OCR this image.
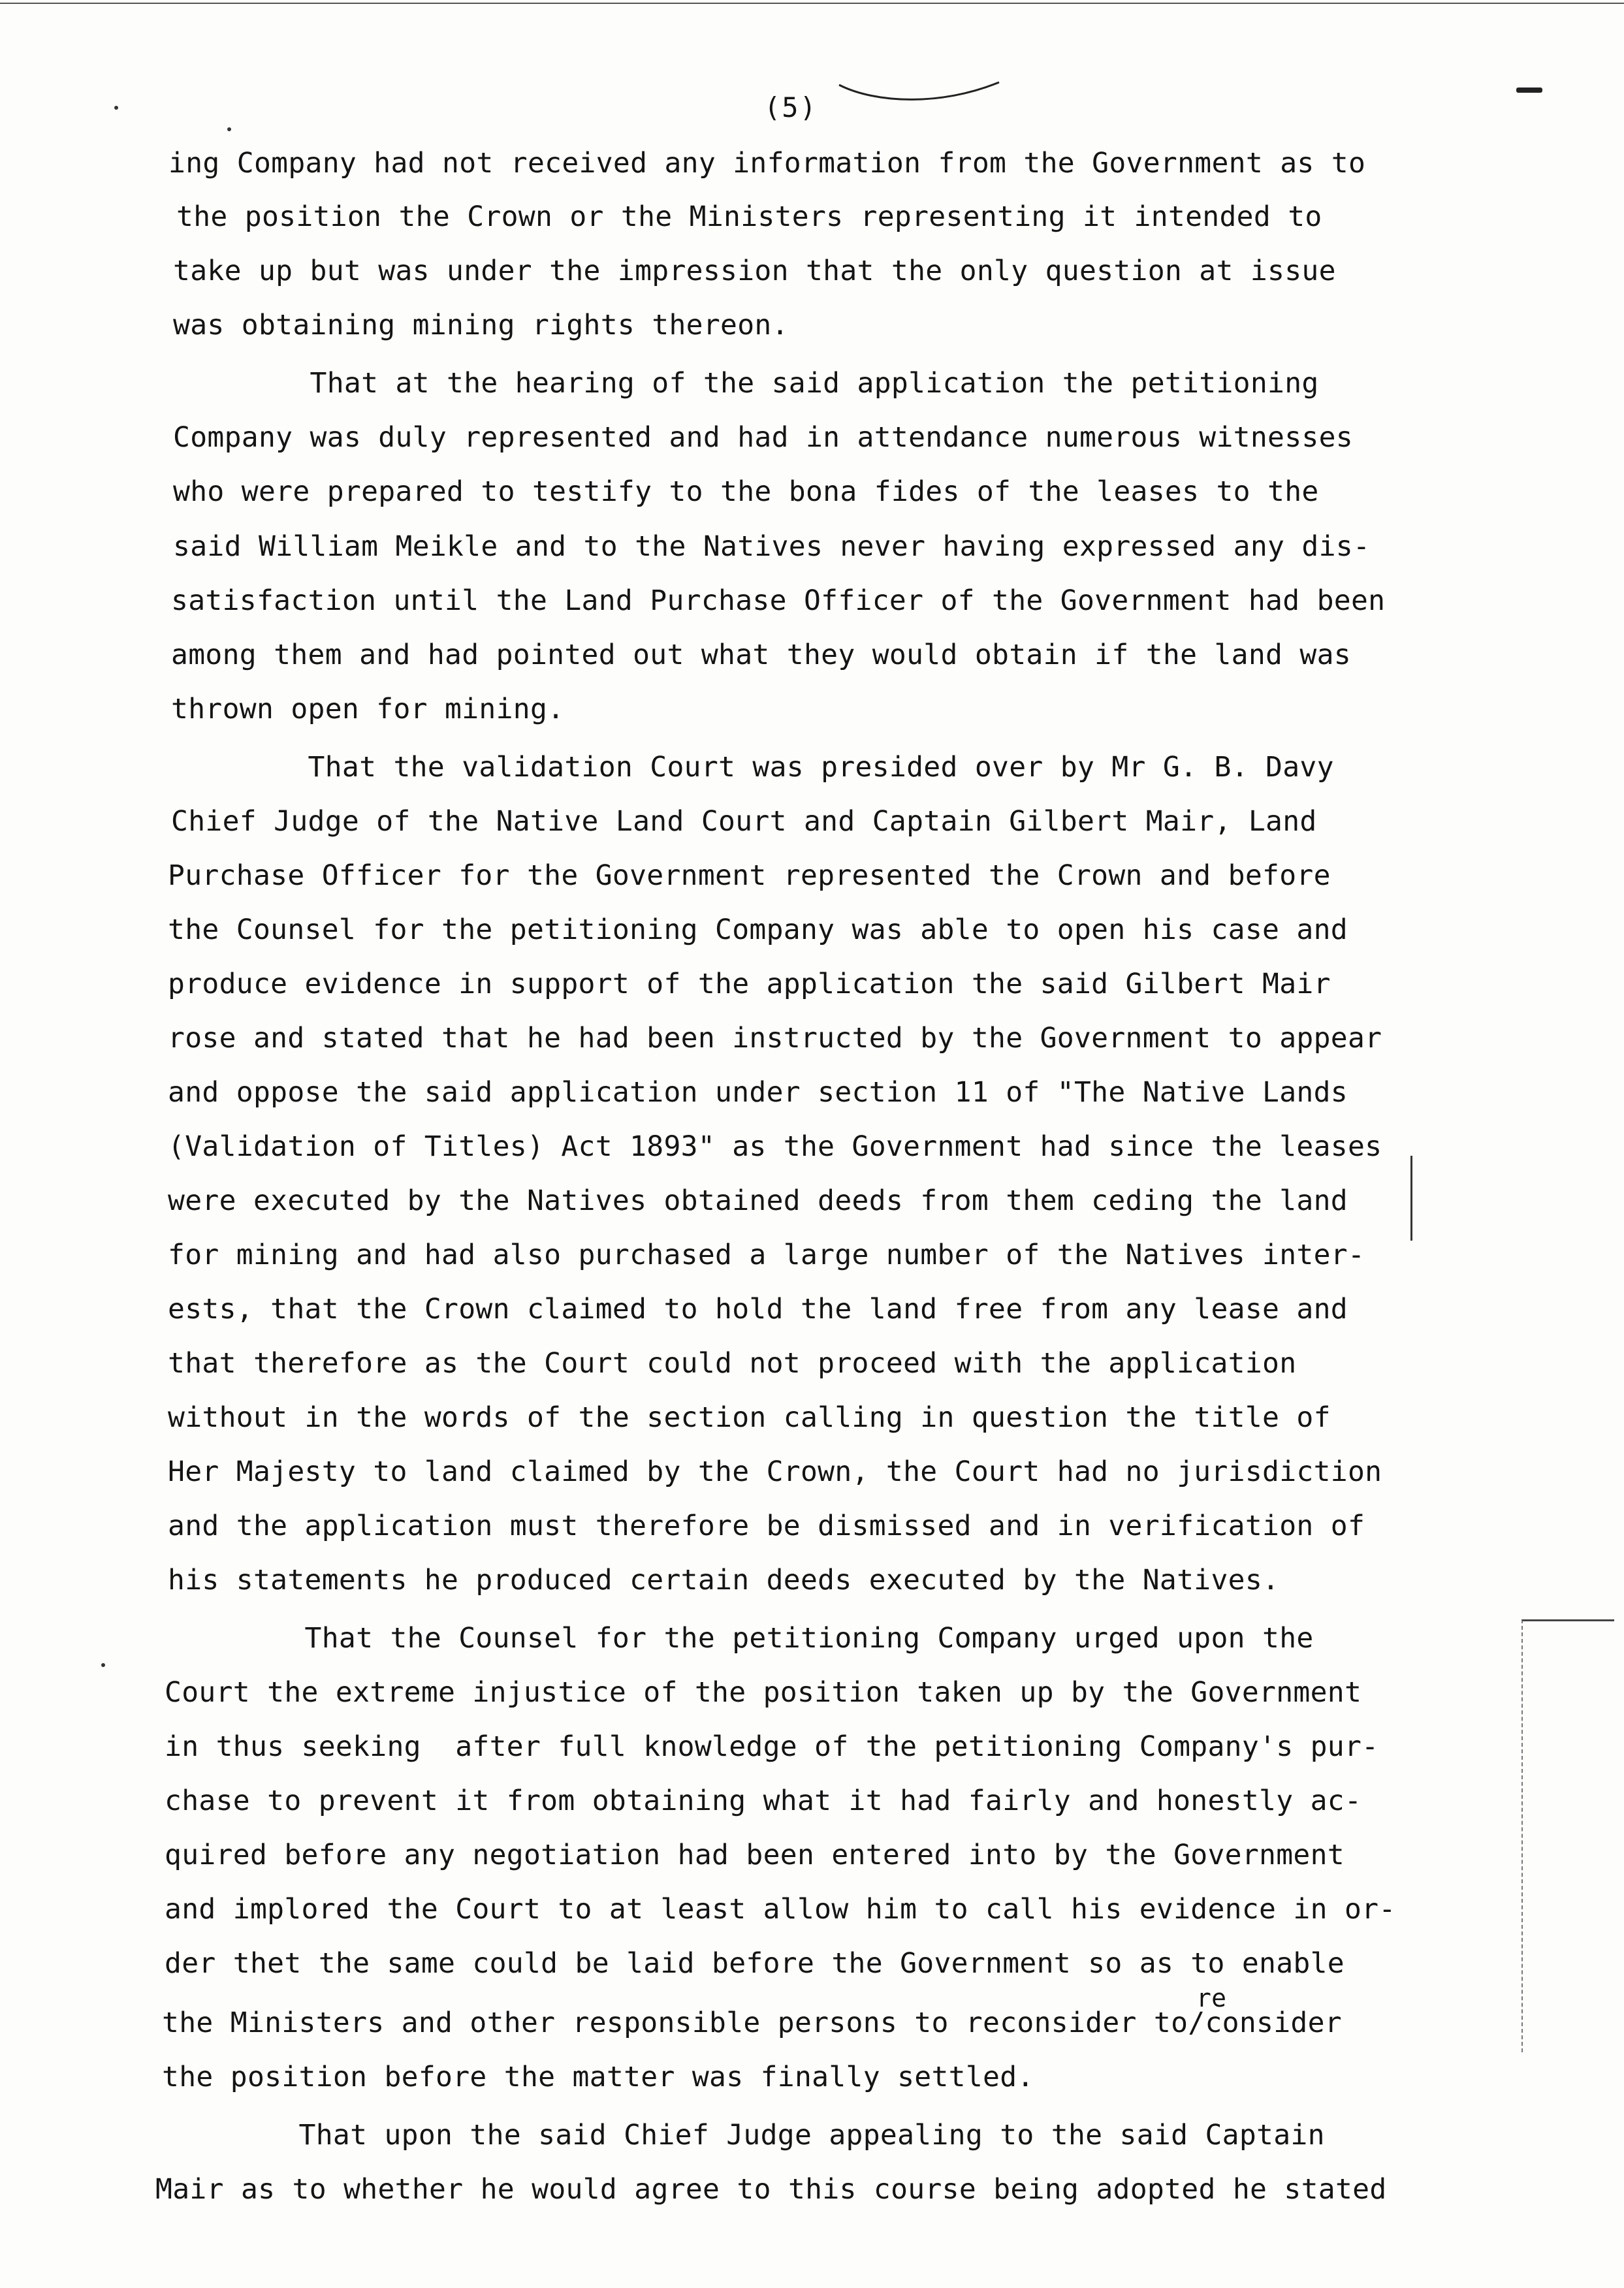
(5)
ing Company had not received any information from the Government as to
the position the Crown or the Ministers representing it intended to
take up but was under the impression that the only question at issue
was obtaining mining rights thereon.
That at the hearing of the said application the petitioning
Company was duly represented and had in attendance numerous witnesses
who were prepared to testify to the bona fides of the leases to the
said William Meikle and to the Natives never having expressed any dis-
satisfaction until the Land Purchase Officer of the Government had been
among them and had pointed out what they would obtain if the land was
thrown open for mining.
That the validation Court was presided over by Mr G. B. Davy
Chief Judge of the Native Land Court and Captain Gilbert Mair, Land
Purchase Officer for the Government represented the Crown and before
the Counsel for the petitioning Company was able to open his case and
produce evidence in support of the application the said Gilbert Mair
rose and stated that he had been instructed by the Government to appear
and oppose the said application under section 11 of "The Native Lands
(Validation of Titles) Act 1893" as the Government had since the leases
were executed by the Natives obtained deeds from them ceding the land
for mining and had also purchased a large number of the Natives inter-
ests, that the Crown claimed to hold the land free from any lease and
that therefore as the Court could not proceed with the application
without in the words of the section calling in question the title of
Her Majesty to land claimed by the Crown, the Court had no jurisdiction
and the application must therefore be dismissed and in verification of
his statements he produced certain deeds executed by the Natives.
That the Counsel for the petitioning Company urged upon the
Court the extreme injustice of the position taken up by the Government
in thus seeking  after full knowledge of the petitioning Company's pur-
chase to prevent it from obtaining what it had fairly and honestly ac-
quired before any negotiation had been entered into by the Government
and implored the Court to at least allow him to call his evidence in or-
der thet the same could be laid before the Government so as to enable
re
the Ministers and other responsible persons to reconsider to/consider
the position before the matter was finally settled.
That upon the said Chief Judge appealing to the said Captain
Mair as to whether he would agree to this course being adopted he stated
